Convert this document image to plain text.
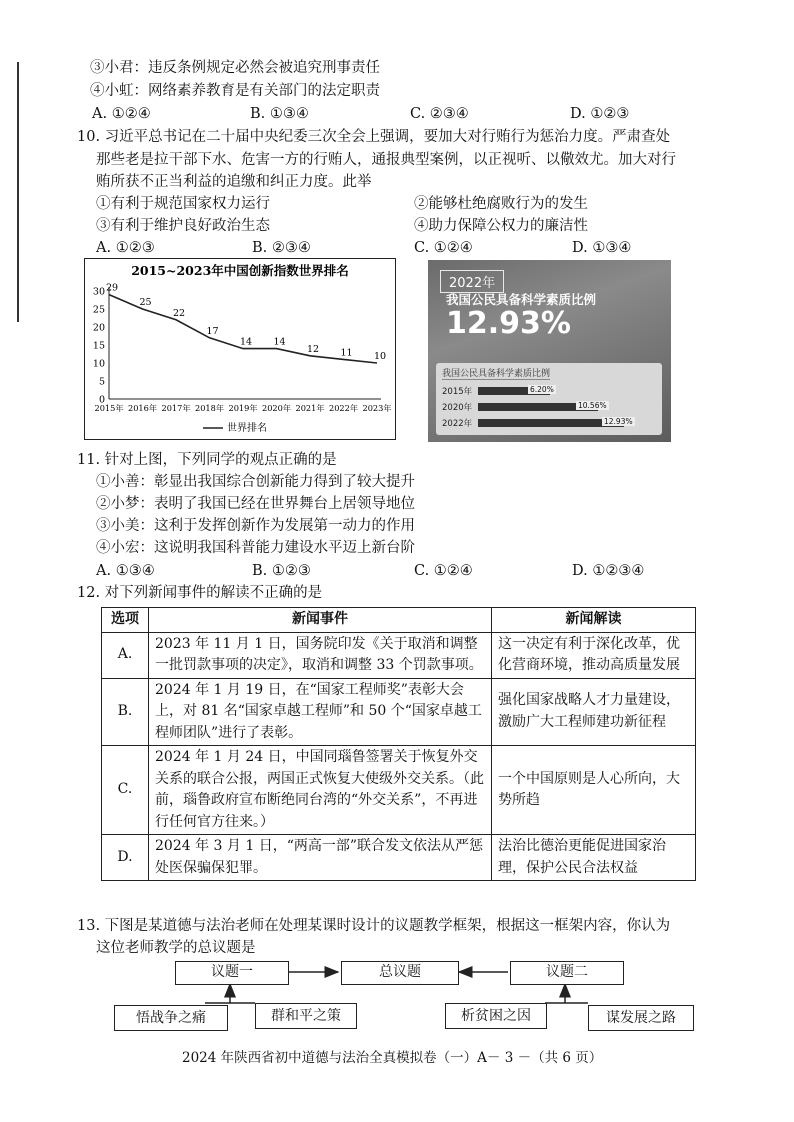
③小君：违反条例规定必然会被追究刑事责任
④小虹：网络素养教育是有关部门的法定职责
A. ①②④	B. ①③④	C. ②③④	D. ①②③
10. 习近平总书记在二十届中央纪委三次全会上强调，要加大对行贿行为惩治力度。严肃查处
那些老是拉干部下水、危害一方的行贿人，通报典型案例，以正视听、以儆效尤。加大对行
贿所获不正当利益的追缴和纠正力度。此举
①有利于规范国家权力运行	②能够杜绝腐败行为的发生
③有利于维护良好政治生态	④助力保障公权力的廉洁性
A. ①②③	B. ②③④	C. ①②④	D. ①③④
2015~2023年中国创新指数世界排名
0
5
10
15
20
25
30
2015年 2016年 2017年 2018年 2019年 2020年 2021年 2022年 2023年
29
25
22
17
14 14
12 11 10
世界排名
2022年
我国公民具备科学素质比例
12.93%
我国公民具备科学素质比例
2015年	6.20%
2020年	10.56%
2022年	12.93%
11. 针对上图，下列同学的观点正确的是
①小善：彰显出我国综合创新能力得到了较大提升
②小梦：表明了我国已经在世界舞台上居领导地位
③小美：这利于发挥创新作为发展第一动力的作用
④小宏：这说明我国科普能力建设水平迈上新台阶
A. ①③④	B. ①②③	C. ①②④	D. ①②③④
12. 对下列新闻事件的解读不正确的是
选项	新闻事件	新闻解读
A.	2023 年 11 月 1 日，国务院印发《关于取消和调整一批罚款事项的决定》，取消和调整 33 个罚款事项。	这一决定有利于深化改革，优化营商环境，推动高质量发展
B.	2024 年 1 月 19 日，在“国家工程师奖”表彰大会上，对 81 名“国家卓越工程师”和 50 个“国家卓越工程师团队”进行了表彰。	强化国家战略人才力量建设，激励广大工程师建功新征程
C.	2024 年 1 月 24 日，中国同瑙鲁签署关于恢复外交关系的联合公报，两国正式恢复大使级外交关系。（此前，瑙鲁政府宣布断绝同台湾的“外交关系”，不再进行任何官方往来。）	一个中国原则是人心所向，大势所趋
D.	2024 年 3 月 1 日，“两高一部”联合发文依法从严惩处医保骗保犯罪。	法治比德治更能促进国家治理，保护公民合法权益
13. 下图是某道德与法治老师在处理某课时设计的议题教学框架，根据这一框架内容，你认为
这位老师教学的总议题是
议题一	总议题	议题二
悟战争之痛	群和平之策	析贫困之因	谋发展之路
2024 年陕西省初中道德与法治全真模拟卷（一）A－ 3 －（共 6 页）
